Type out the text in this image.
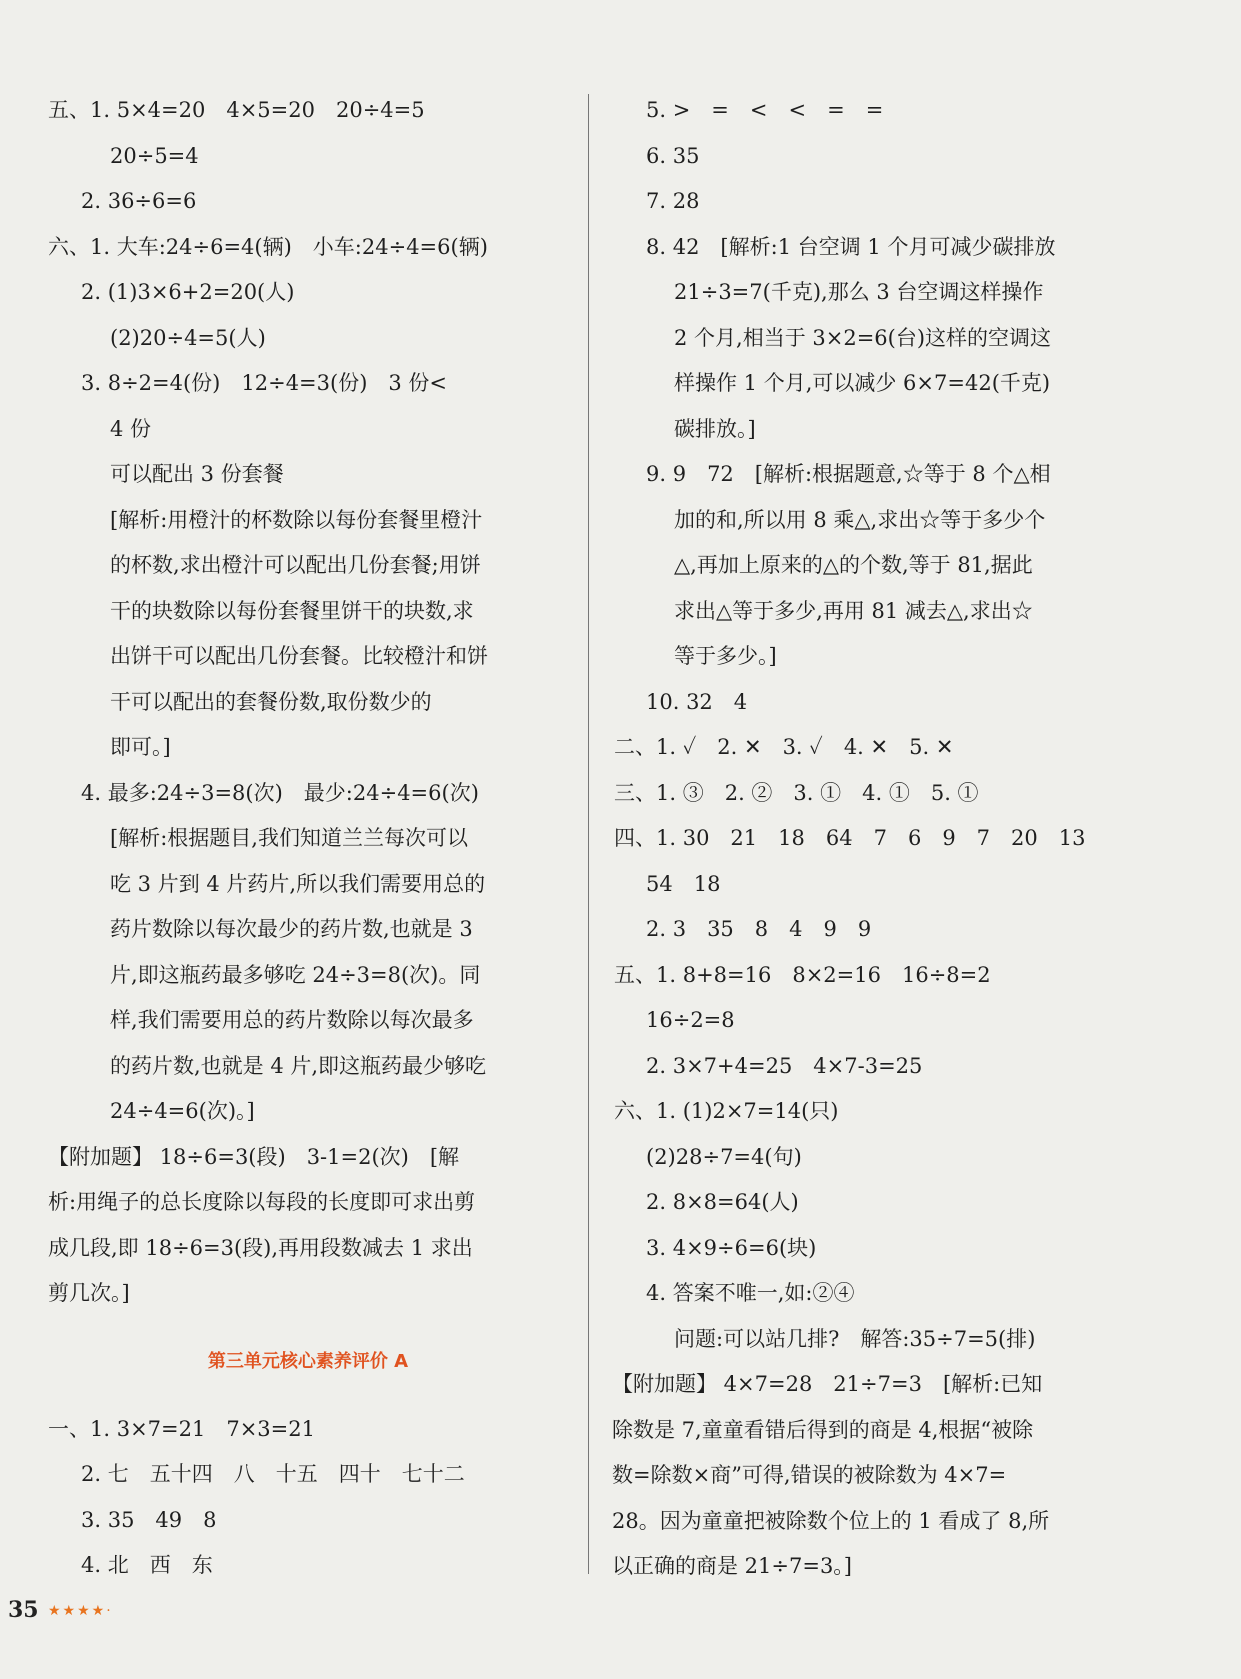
五、1. 5×4=20　4×5=20　20÷4=5
20÷5=4
2. 36÷6=6
六、1. 大车:24÷6=4(辆)　小车:24÷4=6(辆)
2. (1)3×6+2=20(人)
(2)20÷4=5(人)
3. 8÷2=4(份)　12÷4=3(份)　3 份<
4 份
可以配出 3 份套餐
[解析:用橙汁的杯数除以每份套餐里橙汁
的杯数,求出橙汁可以配出几份套餐;用饼
干的块数除以每份套餐里饼干的块数,求
出饼干可以配出几份套餐。比较橙汁和饼
干可以配出的套餐份数,取份数少的
即可。]
4. 最多:24÷3=8(次)　最少:24÷4=6(次)
[解析:根据题目,我们知道兰兰每次可以
吃 3 片到 4 片药片,所以我们需要用总的
药片数除以每次最少的药片数,也就是 3
片,即这瓶药最多够吃 24÷3=8(次)。同
样,我们需要用总的药片数除以每次最多
的药片数,也就是 4 片,即这瓶药最少够吃
24÷4=6(次)。]
【附加题】 18÷6=3(段)　3-1=2(次)　[解
析:用绳子的总长度除以每段的长度即可求出剪
成几段,即 18÷6=3(段),再用段数减去 1 求出
剪几次。]
第三单元核心素养评价 A
一、1. 3×7=21　7×3=21
2. 七　五十四　八　十五　四十　七十二
3. 35　49　8
4. 北　西　东
5. >　=　<　<　=　=
6. 35
7. 28
8. 42　[解析:1 台空调 1 个月可减少碳排放
21÷3=7(千克),那么 3 台空调这样操作
2 个月,相当于 3×2=6(台)这样的空调这
样操作 1 个月,可以减少 6×7=42(千克)
碳排放。]
9. 9　72　[解析:根据题意,☆等于 8 个△相
加的和,所以用 8 乘△,求出☆等于多少个
△,再加上原来的△的个数,等于 81,据此
求出△等于多少,再用 81 减去△,求出☆
等于多少。]
10. 32　4
二、1. ✓　2. ✕　3. ✓　4. ✕　5. ✕
三、1. ③　2. ②　3. ①　4. ①　5. ①
四、1. 30　21　18　64　7　6　9　7　20　13
54　18
2. 3　35　8　4　9　9
五、1. 8+8=16　8×2=16　16÷8=2
16÷2=8
2. 3×7+4=25　4×7-3=25
六、1. (1)2×7=14(只)
(2)28÷7=4(句)
2. 8×8=64(人)
3. 4×9÷6=6(块)
4. 答案不唯一,如:②④
问题:可以站几排?　解答:35÷7=5(排)
【附加题】 4×7=28　21÷7=3　[解析:已知
除数是 7,童童看错后得到的商是 4,根据“被除
数=除数×商”可得,错误的被除数为 4×7=
28。因为童童把被除数个位上的 1 看成了 8,所
以正确的商是 21÷7=3。]
35 ★★★★·
